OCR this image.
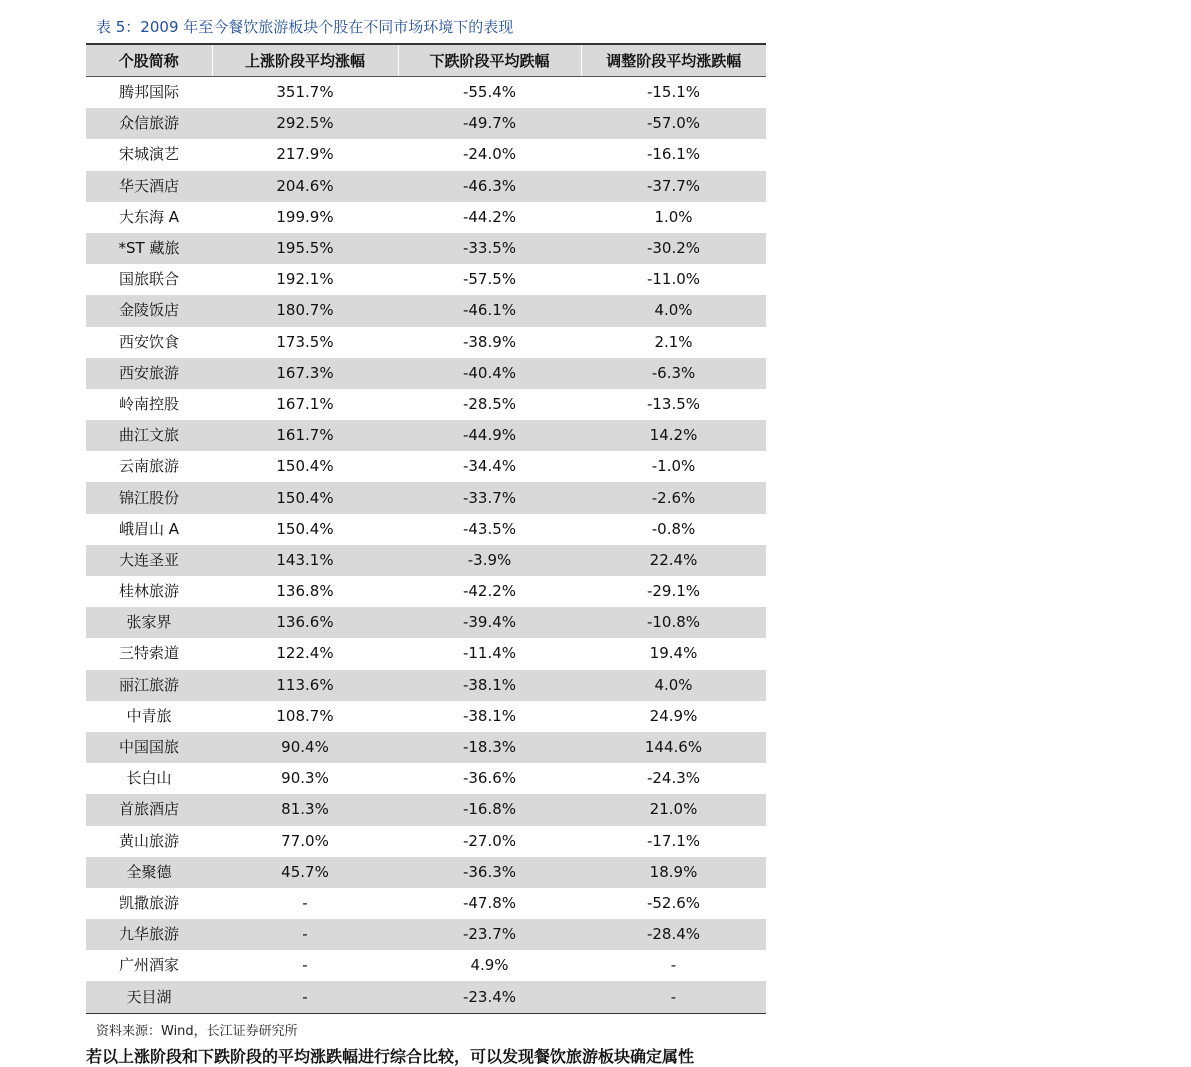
表 5：2009 年至今餐饮旅游板块个股在不同市场环境下的表现
个股简称	上涨阶段平均涨幅	下跌阶段平均跌幅	调整阶段平均涨跌幅
腾邦国际	351.7%	-55.4%	-15.1%
众信旅游	292.5%	-49.7%	-57.0%
宋城演艺	217.9%	-24.0%	-16.1%
华天酒店	204.6%	-46.3%	-37.7%
大东海 A	199.9%	-44.2%	1.0%
*ST 藏旅	195.5%	-33.5%	-30.2%
国旅联合	192.1%	-57.5%	-11.0%
金陵饭店	180.7%	-46.1%	4.0%
西安饮食	173.5%	-38.9%	2.1%
西安旅游	167.3%	-40.4%	-6.3%
岭南控股	167.1%	-28.5%	-13.5%
曲江文旅	161.7%	-44.9%	14.2%
云南旅游	150.4%	-34.4%	-1.0%
锦江股份	150.4%	-33.7%	-2.6%
峨眉山 A	150.4%	-43.5%	-0.8%
大连圣亚	143.1%	-3.9%	22.4%
桂林旅游	136.8%	-42.2%	-29.1%
张家界	136.6%	-39.4%	-10.8%
三特索道	122.4%	-11.4%	19.4%
丽江旅游	113.6%	-38.1%	4.0%
中青旅	108.7%	-38.1%	24.9%
中国国旅	90.4%	-18.3%	144.6%
长白山	90.3%	-36.6%	-24.3%
首旅酒店	81.3%	-16.8%	21.0%
黄山旅游	77.0%	-27.0%	-17.1%
全聚德	45.7%	-36.3%	18.9%
凯撒旅游	-	-47.8%	-52.6%
九华旅游	-	-23.7%	-28.4%
广州酒家	-	4.9%	-
天目湖	-	-23.4%	-
资料来源：Wind，长江证券研究所
若以上涨阶段和下跌阶段的平均涨跌幅进行综合比较，可以发现餐饮旅游板块确定属性
